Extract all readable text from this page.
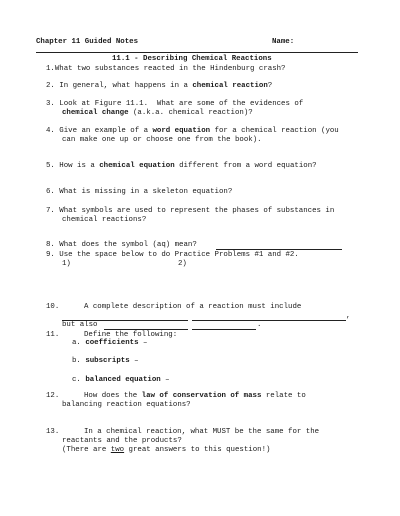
Chapter 11 Guided Notes	Name:
11.1 - Describing Chemical Reactions
1.What two substances reacted in the Hindenburg crash?
2. In general, what happens in a chemical reaction?
3. Look at Figure 11.1.  What are some of the evidences of
chemical change (a.k.a. chemical reaction)?
4. Give an example of a word equation for a chemical reaction (you
can make one up or choose one from the book).
5. How is a chemical equation different from a word equation?
6. What is missing in a skeleton equation?
7. What symbols are used to represent the phases of substances in
chemical reactions?
8. What does the symbol (aq) mean?
9. Use the space below to do Practice Problems #1 and #2.
1)	2)
10.	A complete description of a reaction must include
,
but also	.
11.	Define the following:
a. coefficients –
b. subscripts –
c. balanced equation –
12.	How does the law of conservation of mass relate to
balancing reaction equations?
13.	In a chemical reaction, what MUST be the same for the
reactants and the products?
(There are two great answers to this question!)
